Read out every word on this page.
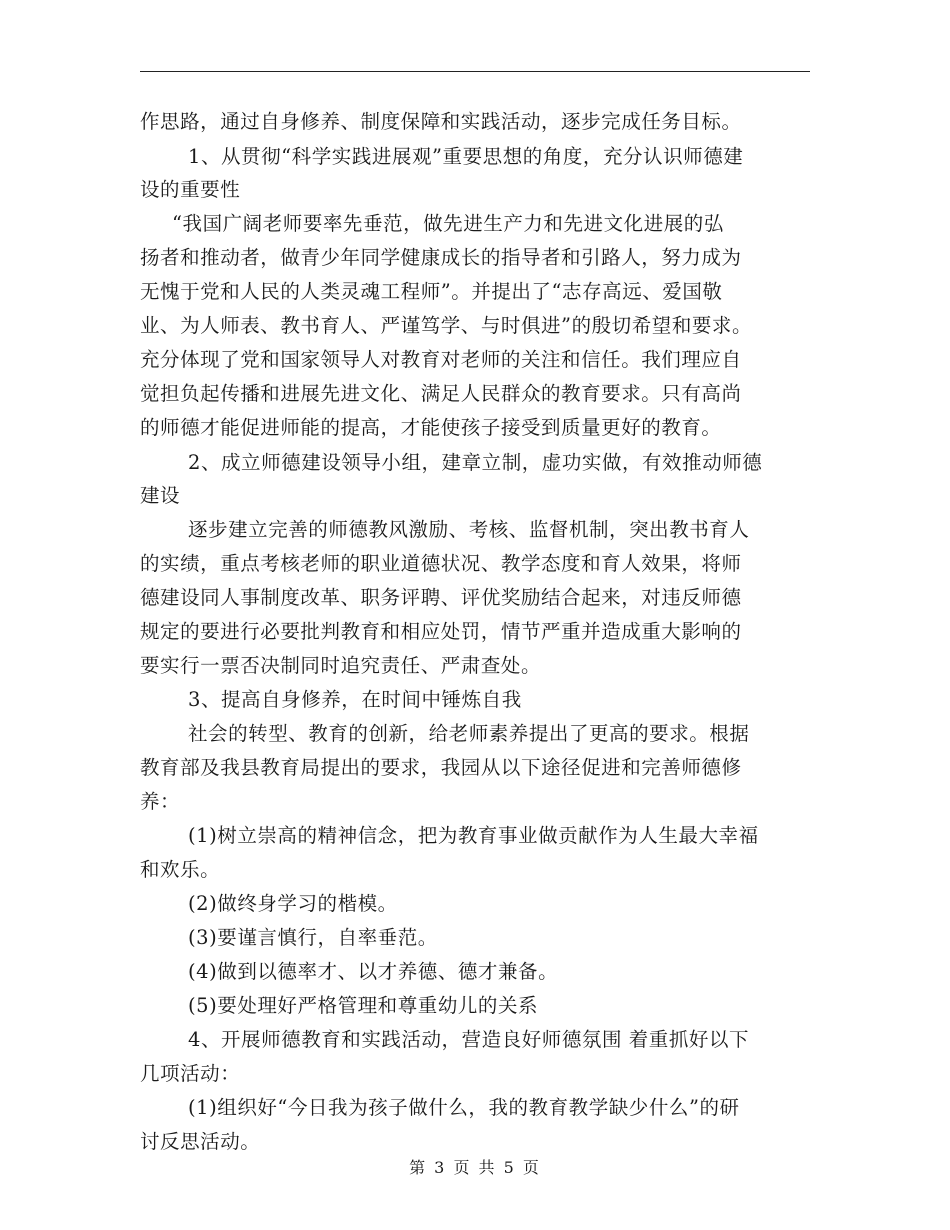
作思路，通过自身修养、制度保障和实践活动，逐步完成任务目标。
1、从贯彻“科学实践进展观”重要思想的角度，充分认识师德建
设的重要性
“我国广阔老师要率先垂范，做先进生产力和先进文化进展的弘
扬者和推动者，做青少年同学健康成长的指导者和引路人，努力成为
无愧于党和人民的人类灵魂工程师”。并提出了“志存高远、爱国敬
业、为人师表、教书育人、严谨笃学、与时俱进”的殷切希望和要求。
充分体现了党和国家领导人对教育对老师的关注和信任。我们理应自
觉担负起传播和进展先进文化、满足人民群众的教育要求。只有高尚
的师德才能促进师能的提高，才能使孩子接受到质量更好的教育。
2、成立师德建设领导小组，建章立制，虚功实做，有效推动师德
建设
逐步建立完善的师德教风激励、考核、监督机制，突出教书育人
的实绩，重点考核老师的职业道德状况、教学态度和育人效果，将师
德建设同人事制度改革、职务评聘、评优奖励结合起来，对违反师德
规定的要进行必要批判教育和相应处罚，情节严重并造成重大影响的
要实行一票否决制同时追究责任、严肃查处。
3、提高自身修养，在时间中锤炼自我
社会的转型、教育的创新，给老师素养提出了更高的要求。根据
教育部及我县教育局提出的要求，我园从以下途径促进和完善师德修
养：
(1)树立崇高的精神信念，把为教育事业做贡献作为人生最大幸福
和欢乐。
(2)做终身学习的楷模。
(3)要谨言慎行，自率垂范。
(4)做到以德率才、以才养德、德才兼备。
(5)要处理好严格管理和尊重幼儿的关系
4、开展师德教育和实践活动，营造良好师德氛围 着重抓好以下
几项活动：
(1)组织好“今日我为孩子做什么，我的教育教学缺少什么”的研
讨反思活动。
第 3 页 共 5 页
